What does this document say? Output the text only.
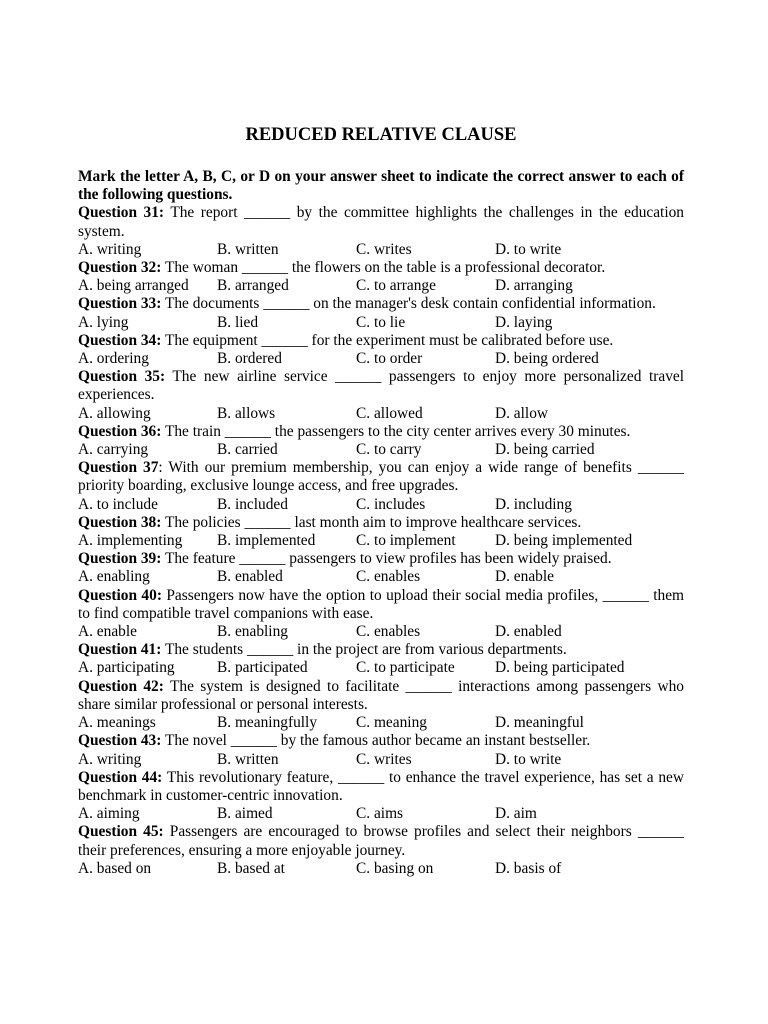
REDUCED RELATIVE CLAUSE

Mark the letter A, B, C, or D on your answer sheet to indicate the correct answer to each of the following questions.

Question 31: The report ______ by the committee highlights the challenges in the education system.

A. writing	B. written	C. writes	D. to write

Question 32: The woman ______ the flowers on the table is a professional decorator.

A. being arranged	B. arranged	C. to arrange	D. arranging

Question 33: The documents ______ on the manager's desk contain confidential information.

A. lying	B. lied	C. to lie	D. laying

Question 34: The equipment ______ for the experiment must be calibrated before use.

A. ordering	B. ordered	C. to order	D. being ordered

Question 35: The new airline service ______ passengers to enjoy more personalized travel experiences.

A. allowing	B. allows	C. allowed	D. allow

Question 36: The train ______ the passengers to the city center arrives every 30 minutes.

A. carrying	B. carried	C. to carry	D. being carried

Question 37: With our premium membership, you can enjoy a wide range of benefits ______ priority boarding, exclusive lounge access, and free upgrades.

A. to include	B. included	C. includes	D. including

Question 38: The policies ______ last month aim to improve healthcare services.

A. implementing	B. implemented	C. to implement	D. being implemented

Question 39: The feature ______ passengers to view profiles has been widely praised.

A. enabling	B. enabled	C. enables	D. enable

Question 40: Passengers now have the option to upload their social media profiles, ______ them to find compatible travel companions with ease.

A. enable	B. enabling	C. enables	D. enabled

Question 41: The students ______ in the project are from various departments.

A. participating	B. participated	C. to participate	D. being participated

Question 42: The system is designed to facilitate ______ interactions among passengers who share similar professional or personal interests.

A. meanings	B. meaningfully	C. meaning	D. meaningful

Question 43: The novel ______ by the famous author became an instant bestseller.

A. writing	B. written	C. writes	D. to write

Question 44: This revolutionary feature, ______ to enhance the travel experience, has set a new benchmark in customer-centric innovation.

A. aiming	B. aimed	C. aims	D. aim

Question 45: Passengers are encouraged to browse profiles and select their neighbors ______ their preferences, ensuring a more enjoyable journey.

A. based on	B. based at	C. basing on	D. basis of
